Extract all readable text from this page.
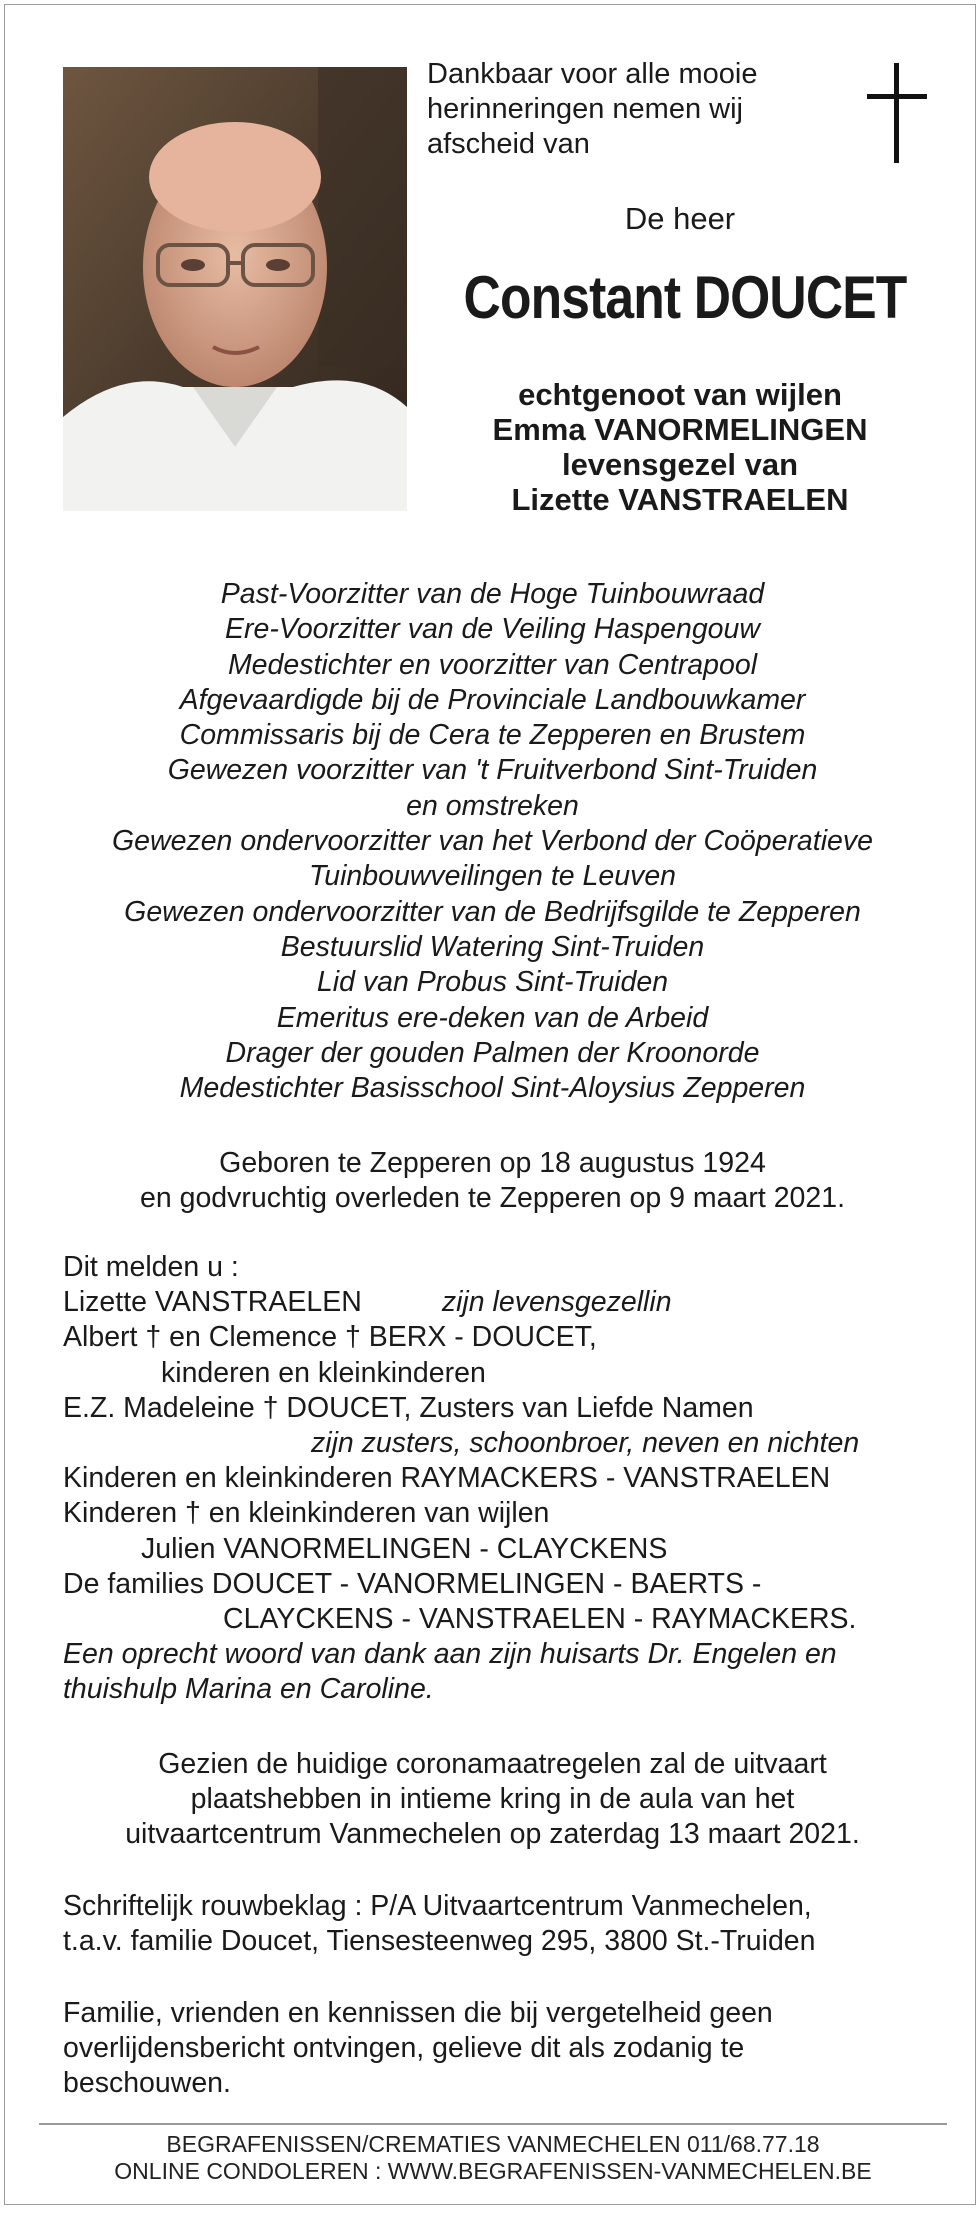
Dankbaar voor alle mooie
herinneringen nemen wij
afscheid van
De heer
Constant DOUCET
echtgenoot van wijlen
Emma VANORMELINGEN
levensgezel van
Lizette VANSTRAELEN
Past-Voorzitter van de Hoge Tuinbouwraad
Ere-Voorzitter van de Veiling Haspengouw
Medestichter en voorzitter van Centrapool
Afgevaardigde bij de Provinciale Landbouwkamer
Commissaris bij de Cera te Zepperen en Brustem
Gewezen voorzitter van 't Fruitverbond Sint-Truiden
en omstreken
Gewezen ondervoorzitter van het Verbond der Coöperatieve
Tuinbouwveilingen te Leuven
Gewezen ondervoorzitter van de Bedrijfsgilde te Zepperen
Bestuurslid Watering Sint-Truiden
Lid van Probus Sint-Truiden
Emeritus ere-deken van de Arbeid
Drager der gouden Palmen der Kroonorde
Medestichter Basisschool Sint-Aloysius Zepperen
Geboren te Zepperen op 18 augustus 1924
en godvruchtig overleden te Zepperen op 9 maart 2021.
Dit melden u :
Lizette VANSTRAELEN	zijn levensgezellin
Albert † en Clemence † BERX - DOUCET,
kinderen en kleinkinderen
E.Z. Madeleine † DOUCET, Zusters van Liefde Namen
zijn zusters, schoonbroer, neven en nichten
Kinderen en kleinkinderen RAYMACKERS - VANSTRAELEN
Kinderen † en kleinkinderen van wijlen
Julien VANORMELINGEN - CLAYCKENS
De families DOUCET - VANORMELINGEN - BAERTS -
CLAYCKENS - VANSTRAELEN - RAYMACKERS.
Een oprecht woord van dank aan zijn huisarts Dr. Engelen en
thuishulp Marina en Caroline.
Gezien de huidige coronamaatregelen zal de uitvaart
plaatshebben in intieme kring in de aula van het
uitvaartcentrum Vanmechelen op zaterdag 13 maart 2021.
Schriftelijk rouwbeklag : P/A Uitvaartcentrum Vanmechelen,
t.a.v. familie Doucet, Tiensesteenweg 295, 3800 St.-Truiden
Familie, vrienden en kennissen die bij vergetelheid geen
overlijdensbericht ontvingen, gelieve dit als zodanig te
beschouwen.
BEGRAFENISSEN/CREMATIES VANMECHELEN 011/68.77.18
ONLINE CONDOLEREN : WWW.BEGRAFENISSEN-VANMECHELEN.BE
